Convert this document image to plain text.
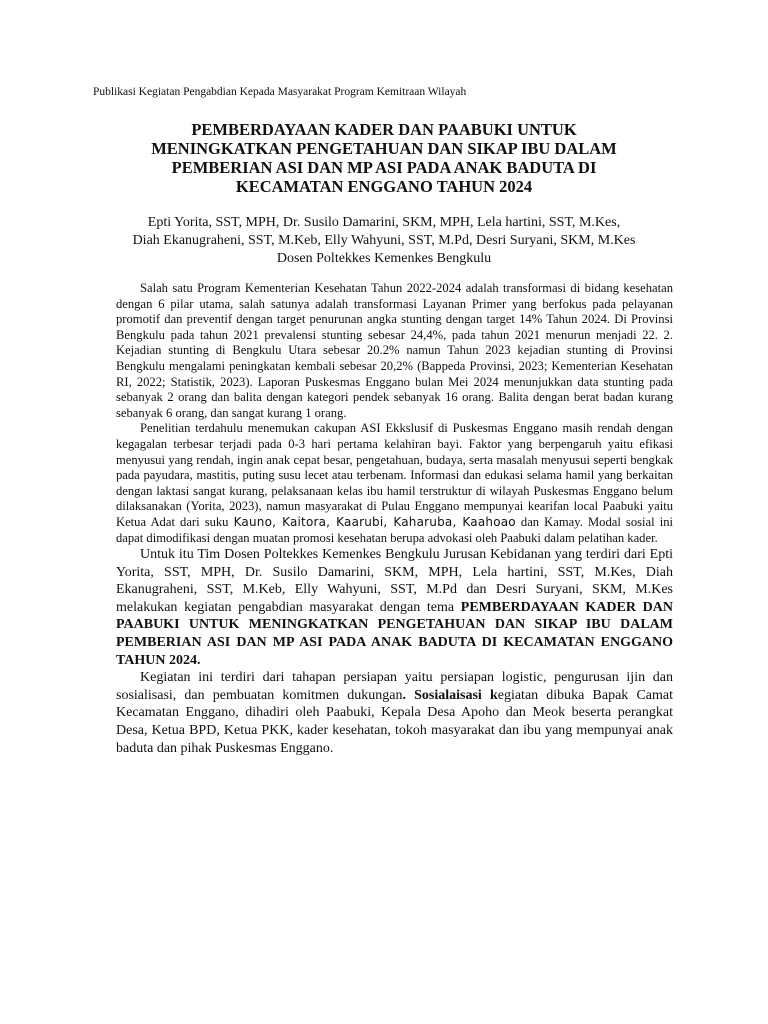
Publikasi Kegiatan Pengabdian Kepada Masyarakat Program Kemitraan Wilayah
PEMBERDAYAAN KADER DAN PAABUKI UNTUK
MENINGKATKAN PENGETAHUAN DAN SIKAP IBU DALAM
PEMBERIAN ASI DAN MP ASI PADA ANAK BADUTA DI
KECAMATAN ENGGANO TAHUN 2024
Epti Yorita, SST, MPH, Dr. Susilo Damarini, SKM, MPH, Lela hartini, SST, M.Kes,
Diah Ekanugraheni, SST, M.Keb, Elly Wahyuni, SST, M.Pd, Desri Suryani, SKM, M.Kes
Dosen Poltekkes Kemenkes Bengkulu

Salah satu Program Kementerian Kesehatan Tahun 2022-2024 adalah transformasi di bidang kesehatan dengan 6 pilar utama, salah satunya adalah transformasi Layanan Primer yang berfokus pada pelayanan promotif dan preventif dengan target penurunan angka stunting dengan target 14% Tahun 2024. Di Provinsi Bengkulu pada tahun 2021 prevalensi stunting sebesar 24,4%, pada tahun 2021 menurun menjadi 22. 2. Kejadian stunting di Bengkulu Utara sebesar 20.2% namun Tahun 2023 kejadian stunting di Provinsi Bengkulu mengalami peningkatan kembali sebesar 20,2% (Bappeda Provinsi, 2023; Kementerian Kesehatan RI, 2022; Statistik, 2023). Laporan Puskesmas Enggano bulan Mei 2024 menunjukkan data stunting pada sebanyak 2 orang dan balita dengan kategori pendek sebanyak 16 orang. Balita dengan berat badan kurang sebanyak 6 orang, dan sangat kurang 1 orang.

Penelitian terdahulu menemukan cakupan ASI Ekkslusif di Puskesmas Enggano masih rendah dengan kegagalan terbesar terjadi pada 0-3 hari pertama kelahiran bayi. Faktor yang berpengaruh yaitu efikasi menyusui yang rendah, ingin anak cepat besar, pengetahuan, budaya, serta masalah menyusui seperti bengkak pada payudara, mastitis, puting susu lecet atau terbenam. Informasi dan edukasi selama hamil yang berkaitan dengan laktasi sangat kurang, pelaksanaan kelas ibu hamil terstruktur di wilayah Puskesmas Enggano belum dilaksanakan (Yorita, 2023), namun masyarakat di Pulau Enggano mempunyai kearifan local Paabuki yaitu Ketua Adat dari suku Kauno, Kaitora, Kaarubi, Kaharuba, Kaahoao dan Kamay. Modal sosial ini dapat dimodifikasi dengan muatan promosi kesehatan berupa advokasi oleh Paabuki dalam pelatihan kader.

Untuk itu Tim Dosen Poltekkes Kemenkes Bengkulu Jurusan Kebidanan yang terdiri dari Epti Yorita, SST, MPH, Dr. Susilo Damarini, SKM, MPH, Lela hartini, SST, M.Kes, Diah Ekanugraheni, SST, M.Keb, Elly Wahyuni, SST, M.Pd dan Desri Suryani, SKM, M.Kes melakukan kegiatan pengabdian masyarakat dengan tema PEMBERDAYAAN KADER DAN PAABUKI UNTUK MENINGKATKAN PENGETAHUAN DAN SIKAP IBU DALAM PEMBERIAN ASI DAN MP ASI PADA ANAK BADUTA DI KECAMATAN ENGGANO TAHUN 2024.

Kegiatan ini terdiri dari tahapan persiapan yaitu persiapan logistic, pengurusan ijin dan sosialisasi, dan pembuatan komitmen dukungan. Sosialaisasi kegiatan dibuka Bapak Camat Kecamatan Enggano, dihadiri oleh Paabuki, Kepala Desa Apoho dan Meok beserta perangkat Desa, Ketua BPD, Ketua PKK, kader kesehatan, tokoh masyarakat dan ibu yang mempunyai anak baduta dan pihak Puskesmas Enggano.
